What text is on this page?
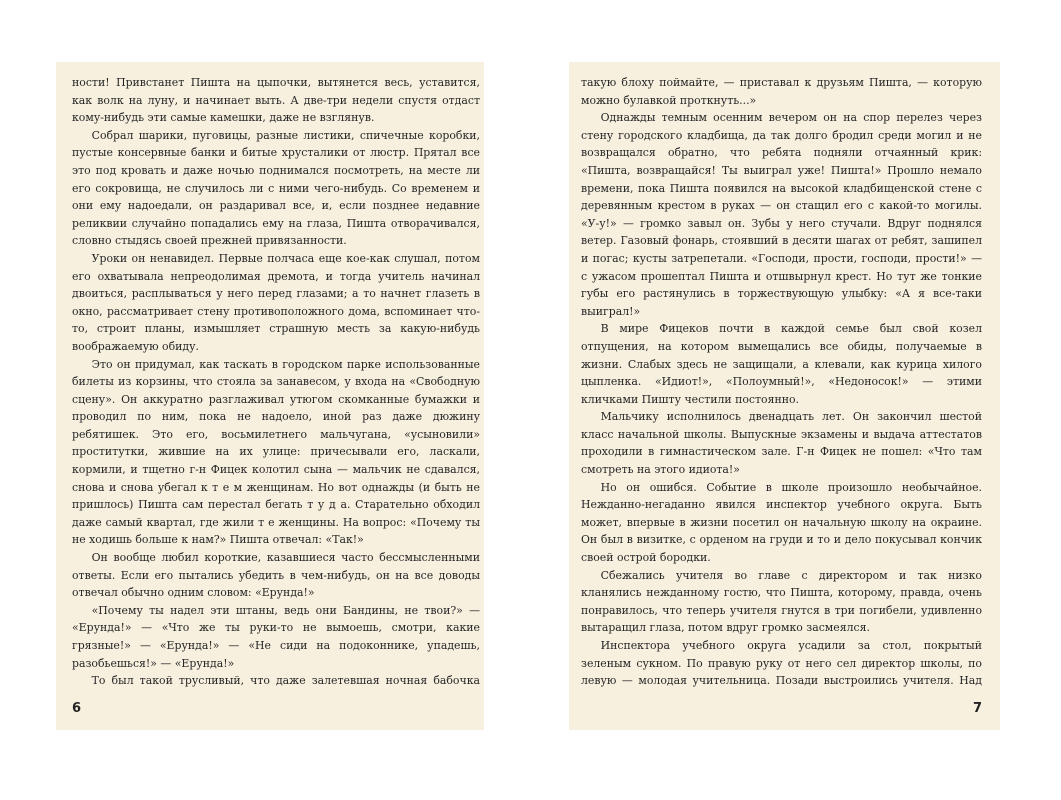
ности! Привстанет Пишта на цыпочки, вытянется весь, уставится, как волк на луну, и начинает выть. А две-три недели спустя отдаст кому-нибудь эти самые камешки, даже не взглянув.

Собрал шарики, пуговицы, разные листики, спичечные коробки, пустые консервные банки и битые хрусталики от люстр. Прятал все это под кровать и даже ночью поднимался посмотреть, на месте ли его сокровища, не случилось ли с ними чего-нибудь. Со временем и они ему надоедали, он раздаривал все, и, если позднее недавние реликвии случайно попадались ему на глаза, Пишта отворачивался, словно стыдясь своей прежней привязанности.

Уроки он ненавидел. Первые полчаса еще кое-как слушал, потом его охватывала непреодолимая дремота, и тогда учитель начинал двоиться, расплываться у него перед глазами; а то начнет глазеть в окно, рассматривает стену противоположного дома, вспоминает что-то, строит планы, измышляет страшную месть за какую-нибудь воображаемую обиду.

Это он придумал, как таскать в городском парке использованные билеты из корзины, что стояла за занавесом, у входа на «Свободную сцену». Он аккуратно разглаживал утюгом скомканные бумажки и проводил по ним, пока не надоело, иной раз даже дюжину ребятишек. Это его, восьмилетнего мальчугана, «усыновили» проститутки, жившие на их улице: причесывали его, ласкали, кормили, и тщетно г-н Фицек колотил сына — мальчик не сдавался, снова и снова убегал к т е м женщинам. Но вот однажды (и быть не пришлось) Пишта сам перестал бегать т у д а. Старательно обходил даже самый квартал, где жили т е женщины. На вопрос: «Почему ты не ходишь больше к нам?» Пишта отвечал: «Так!»

Он вообще любил короткие, казавшиеся часто бессмысленными ответы. Если его пытались убедить в чем-нибудь, он на все доводы отвечал обычно одним словом: «Ерунда!»

«Почему ты надел эти штаны, ведь они Бандины, не твои?» — «Ерунда!» — «Что же ты руки-то не вымоешь, смотри, какие грязные!» — «Ерунда!» — «Не сиди на подоконнике, упадешь, разобьешься!» — «Ерунда!»

То был такой трусливый, что даже залетевшая ночная бабочка

6

такую блоху поймайте, — приставал к друзьям Пишта, — которую можно булавкой проткнуть...»

Однажды темным осенним вечером он на спор перелез через стену городского кладбища, да так долго бродил среди могил и не возвращался обратно, что ребята подняли отчаянный крик: «Пишта, возвращайся! Ты выиграл уже! Пишта!» Прошло немало времени, пока Пишта появился на высокой кладбищенской стене с деревянным крестом в руках — он стащил его с какой-то могилы. «У-у!» — громко завыл он. Зубы у него стучали. Вдруг поднялся ветер. Газовый фонарь, стоявший в десяти шагах от ребят, зашипел и погас; кусты затрепетали. «Господи, прости, господи, прости!» — с ужасом прошептал Пишта и отшвырнул крест. Но тут же тонкие губы его растянулись в торжествующую улыбку: «А я все-таки выиграл!»

В мире Фицеков почти в каждой семье был свой козел отпущения, на котором вымещались все обиды, получаемые в жизни. Слабых здесь не защищали, а клевали, как курица хилого цыпленка. «Идиот!», «Полоумный!», «Недоносок!» — этими кличками Пишту честили постоянно.

Мальчику исполнилось двенадцать лет. Он закончил шестой класс начальной школы. Выпускные экзамены и выдача аттестатов проходили в гимнастическом зале. Г-н Фицек не пошел: «Что там смотреть на этого идиота!»

Но он ошибся. Событие в школе произошло необычайное. Нежданно-негаданно явился инспектор учебного округа. Быть может, впервые в жизни посетил он начальную школу на окраине. Он был в визитке, с орденом на груди и то и дело покусывал кончик своей острой бородки.

Сбежались учителя во главе с директором и так низко кланялись нежданному гостю, что Пишта, которому, правда, очень понравилось, что теперь учителя гнутся в три погибели, удивленно вытаращил глаза, потом вдруг громко засмеялся.

Инспектора учебного округа усадили за стол, покрытый зеленым сукном. По правую руку от него сел директор школы, по левую — молодая учительница. Позади выстроились учителя. Над

7
